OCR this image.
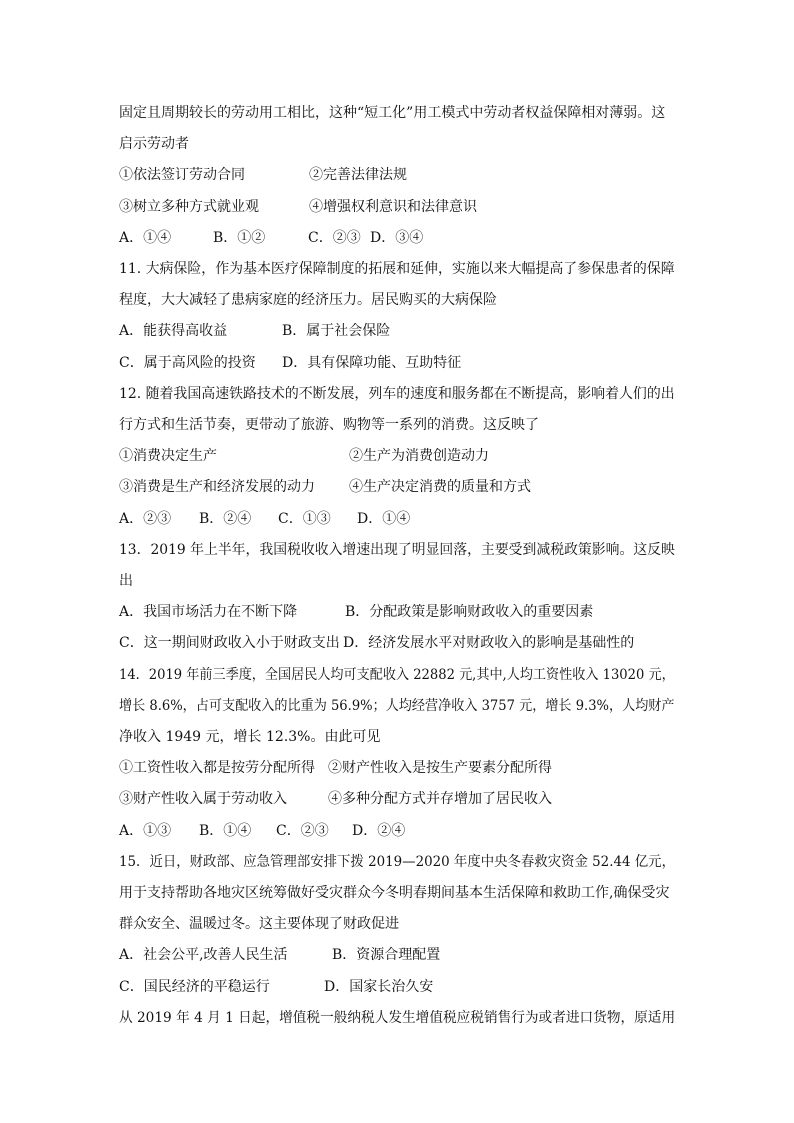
固定且周期较长的劳动用工相比，这种“短工化”用工模式中劳动者权益保障相对薄弱。这
启示劳动者
①依法签订劳动合同	②完善法律法规
③树立多种方式就业观	④增强权利意识和法律意识
A．①④	B．①②	C．②③ D．③④
11. 大病保险，作为基本医疗保障制度的拓展和延伸，实施以来大幅提高了参保患者的保障
程度，大大减轻了患病家庭的经济压力。居民购买的大病保险
A．能获得高收益	B．属于社会保险
C．属于高风险的投资 D．具有保障功能、互助特征
12. 随着我国高速铁路技术的不断发展，列车的速度和服务都在不断提高，影响着人们的出
行方式和生活节奏，更带动了旅游、购物等一系列的消费。这反映了
①消费决定生产	②生产为消费创造动力
③消费是生产和经济发展的动力 ④生产决定消费的质量和方式
A．②③ B．②④ C．①③ D．①④
13．2019 年上半年，我国税收收入增速出现了明显回落，主要受到减税政策影响。这反映
出
A．我国市场活力在不断下降	B．分配政策是影响财政收入的重要因素
C．这一期间财政收入小于财政支出 D．经济发展水平对财政收入的影响是基础性的
14．2019 年前三季度，全国居民人均可支配收入 22882 元,其中,人均工资性收入 13020 元，
增长 8.6%，占可支配收入的比重为 56.9%；人均经营净收入 3757 元，增长 9.3%，人均财产
净收入 1949 元，增长 12.3%。由此可见
①工资性收入都是按劳分配所得 ②财产性收入是按生产要素分配所得
③财产性收入属于劳动收入	④多种分配方式并存增加了居民收入
A．①③ B．①④ C．②③ D．②④
15．近日，财政部、应急管理部安排下拨 2019—2020 年度中央冬春救灾资金 52.44 亿元，
用于支持帮助各地灾区统筹做好受灾群众今冬明春期间基本生活保障和救助工作,确保受灾
群众安全、温暖过冬。这主要体现了财政促进
A．社会公平,改善人民生活	B．资源合理配置
C．国民经济的平稳运行	D．国家长治久安
从 2019 年 4 月 1 日起，增值税一般纳税人发生增值税应税销售行为或者进口货物，原适用
